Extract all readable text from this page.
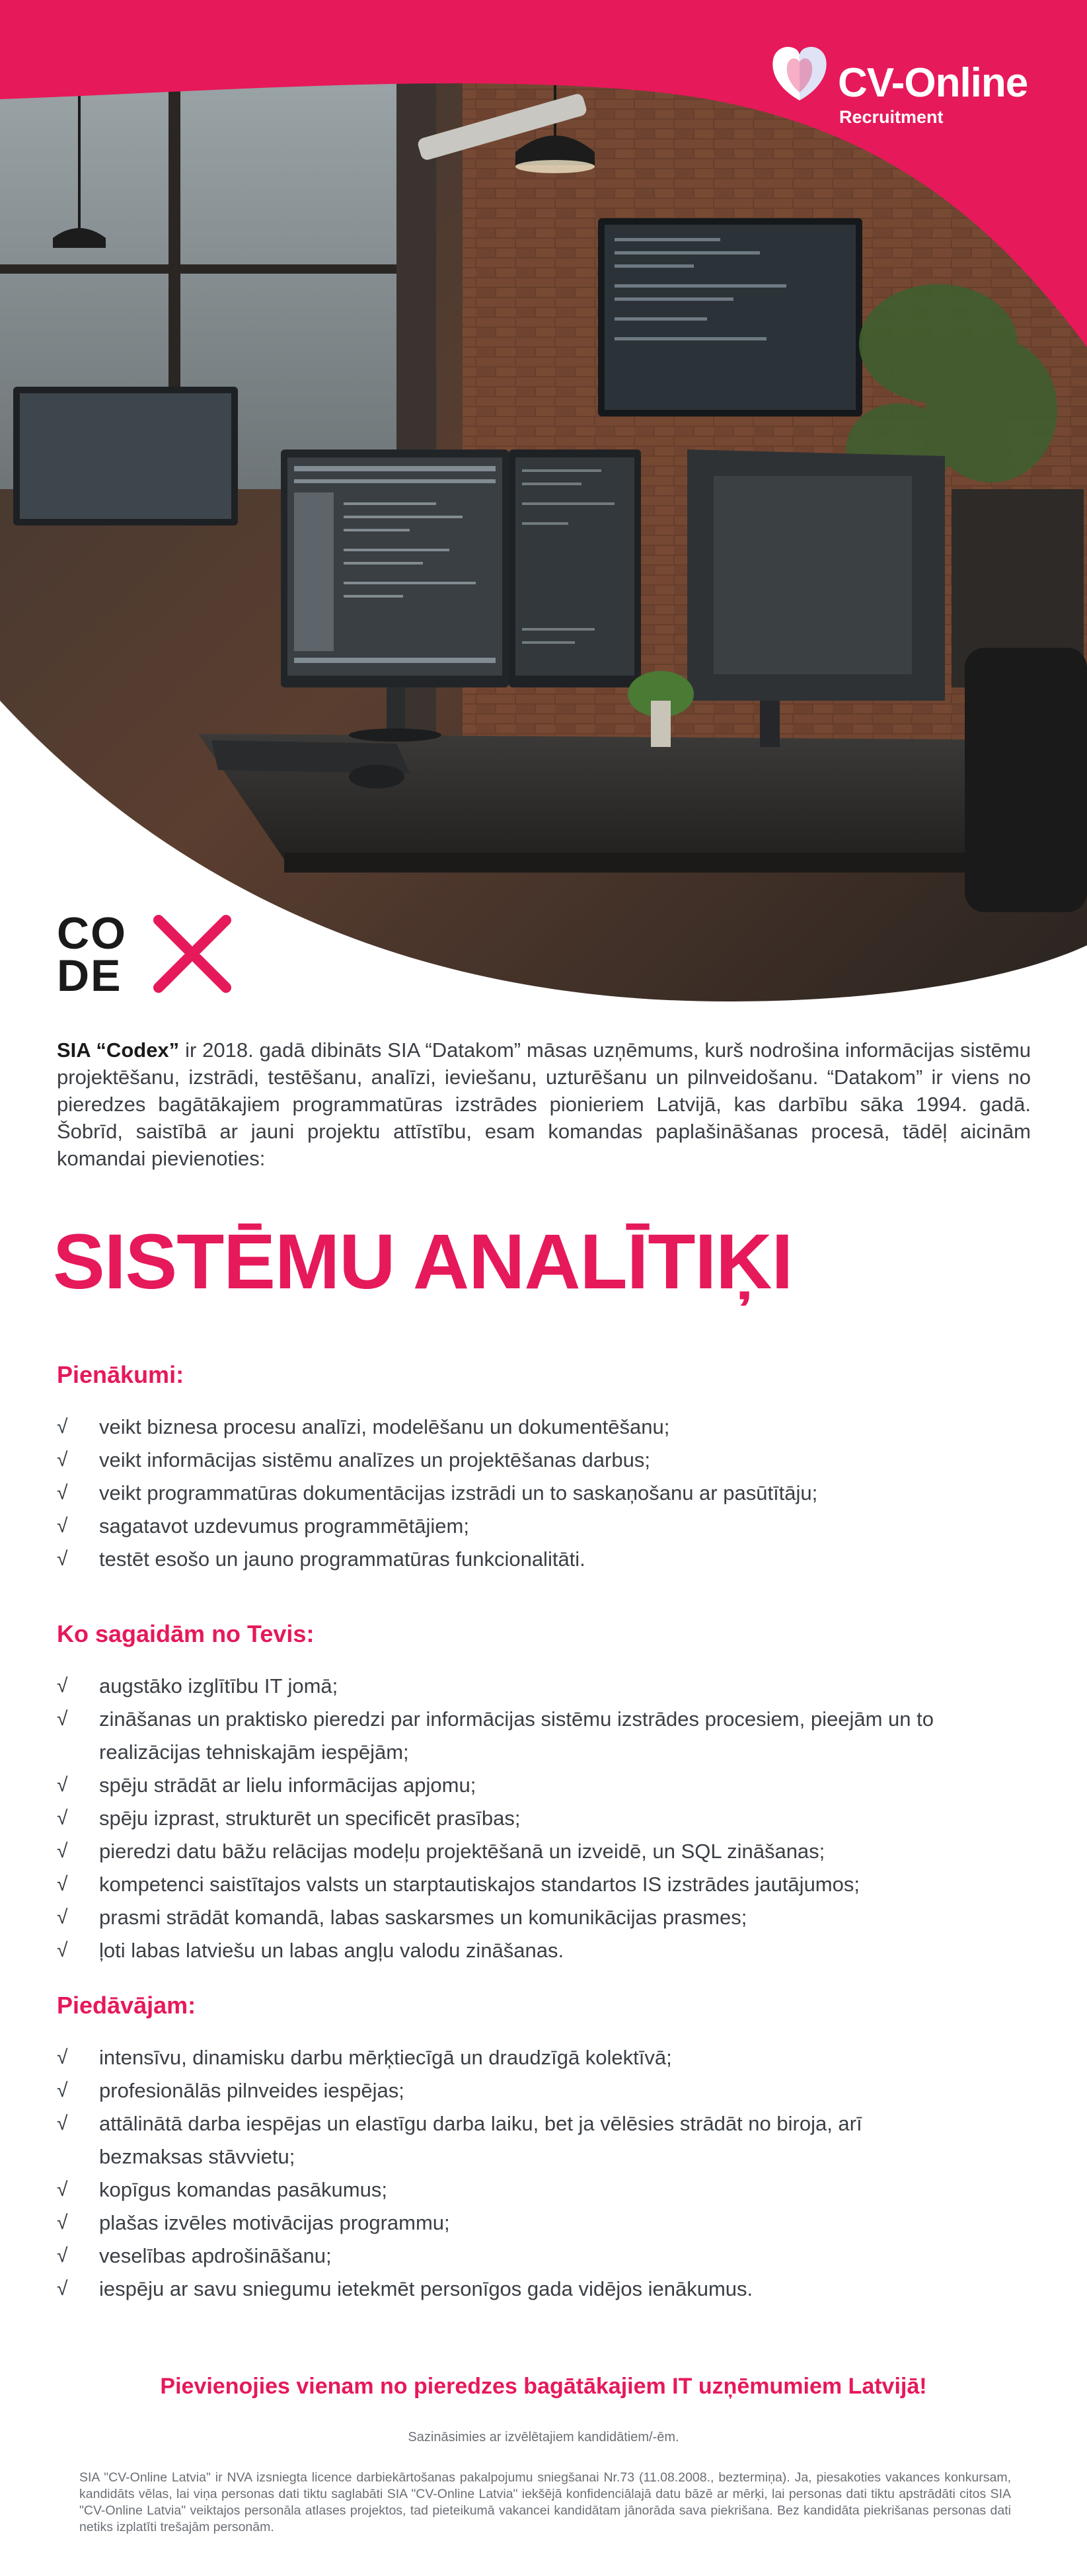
CV-Online
Recruitment
CO
DE
SIA “Codex” ir 2018. gadā dibināts SIA “Datakom” māsas uzņēmums, kurš nodrošina informācijas sistēmu projektēšanu, izstrādi, testēšanu, analīzi, ieviešanu, uzturēšanu un pilnveidošanu. “Datakom” ir viens no pieredzes bagātākajiem programmatūras izstrādes pionieriem Latvijā, kas darbību sāka 1994. gadā. Šobrīd, saistībā ar jauni projektu attīstību, esam komandas paplašināšanas procesā, tādēļ aicinām komandai pievienoties:
SISTĒMU ANALĪTIĶI
Pienākumi:
√	veikt biznesa procesu analīzi, modelēšanu un dokumentēšanu;
√	veikt informācijas sistēmu analīzes un projektēšanas darbus;
√	veikt programmatūras dokumentācijas izstrādi un to saskaņošanu ar pasūtītāju;
√	sagatavot uzdevumus programmētājiem;
√	testēt esošo un jauno programmatūras funkcionalitāti.
Ko sagaidām no Tevis:
√	augstāko izglītību IT jomā;
√	zināšanas un praktisko pieredzi par informācijas sistēmu izstrādes procesiem, pieejām un to realizācijas tehniskajām iespējām;
√	spēju strādāt ar lielu informācijas apjomu;
√	spēju izprast, strukturēt un specificēt prasības;
√	pieredzi datu bāžu relācijas modeļu projektēšanā un izveidē, un SQL zināšanas;
√	kompetenci saistītajos valsts un starptautiskajos standartos IS izstrādes jautājumos;
√	prasmi strādāt komandā, labas saskarsmes un komunikācijas prasmes;
√	ļoti labas latviešu un labas angļu valodu zināšanas.
Piedāvājam:
√	intensīvu, dinamisku darbu mērķtiecīgā un draudzīgā kolektīvā;
√	profesionālās pilnveides iespējas;
√	attālinātā darba iespējas un elastīgu darba laiku, bet ja vēlēsies strādāt no biroja, arī bezmaksas stāvvietu;
√	kopīgus komandas pasākumus;
√	plašas izvēles motivācijas programmu;
√	veselības apdrošināšanu;
√	iespēju ar savu sniegumu ietekmēt personīgos gada vidējos ienākumus.
Pievienojies vienam no pieredzes bagātākajiem IT uzņēmumiem Latvijā!
Sazināsimies ar izvēlētajiem kandidātiem/-ēm.
SIA "CV-Online Latvia" ir NVA izsniegta licence darbiekārtošanas pakalpojumu sniegšanai Nr.73 (11.08.2008., beztermiņa). Ja, piesakoties vakances konkursam, kandidāts vēlas, lai viņa personas dati tiktu saglabāti SIA "CV-Online Latvia" iekšējā konfidenciālajā datu bāzē ar mērķi, lai personas dati tiktu apstrādāti citos SIA "CV-Online Latvia" veiktajos personāla atlases projektos, tad pieteikumā vakancei kandidātam jānorāda sava piekrišana. Bez kandidāta piekrišanas personas dati netiks izplatīti trešajām personām.
